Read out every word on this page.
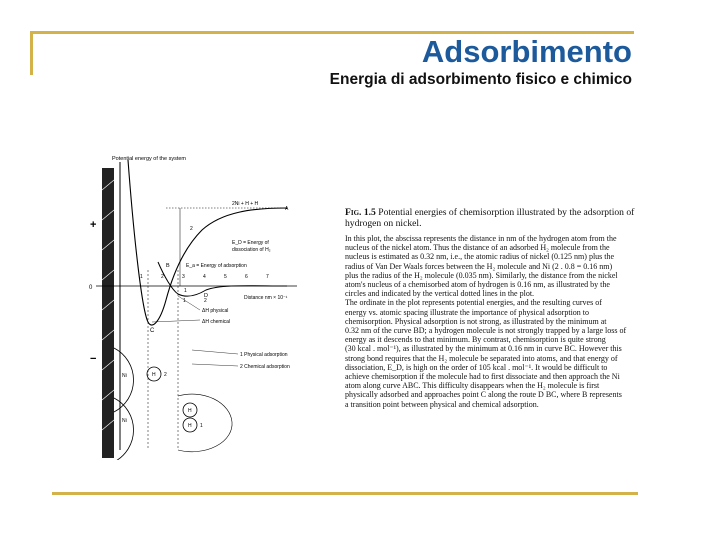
Adsorbimento
Energia di adsorbimento fisico e chimico
Potential energy of the system
+
−
0
1	2	3	4	5	6	7
1	2	Distance nm × 10⁻¹
2Ni + H + H
A
E_D = Energy of
dissociation of H₂
E_a = Energy of adsorption
B
C
D
2
1
ΔH physical
ΔH chemical
1 Physical adsorption
2 Chemical adsorption
Ni
Ni
H 2
H
H 1
Fig. 1.5 Potential energies of chemisorption illustrated by the adsorption of hydrogen on nickel.
In this plot, the abscissa represents the distance in nm of the hydrogen atom from the
nucleus of the nickel atom. Thus the distance of an adsorbed H₂ molecule from the
nucleus is estimated as 0.32 nm, i.e., the atomic radius of nickel (0.125 nm) plus the
radius of Van Der Waals forces between the H₂ molecule and Ni (2 . 0.8 = 0.16 nm)
plus the radius of the H₂ molecule (0.035 nm). Similarly, the distance from the nickel
atom's nucleus of a chemisorbed atom of hydrogen is 0.16 nm, as illustrated by the
circles and indicated by the vertical dotted lines in the plot.
The ordinate in the plot represents potential energies, and the resulting curves of
energy vs. atomic spacing illustrate the importance of physical adsorption to
chemisorption. Physical adsorption is not strong, as illustrated by the minimum at
0.32 nm of the curve BD; a hydrogen molecule is not strongly trapped by a large loss of
energy as it descends to that minimum. By contrast, chemisorption is quite strong
(30 kcal . mol⁻¹), as illustrated by the minimum at 0.16 nm in curve BC. However this
strong bond requires that the H₂ molecule be separated into atoms, and that energy of
dissociation, E_D, is high on the order of 105 kcal . mol⁻¹. It would be difficult to
achieve chemisorption if the molecule had to first dissociate and then approach the Ni
atom along curve ABC. This difficulty disappears when the H₂ molecule is first
physically adsorbed and approaches point C along the route D BC, where B represents
a transition point between physical and chemical adsorption.
